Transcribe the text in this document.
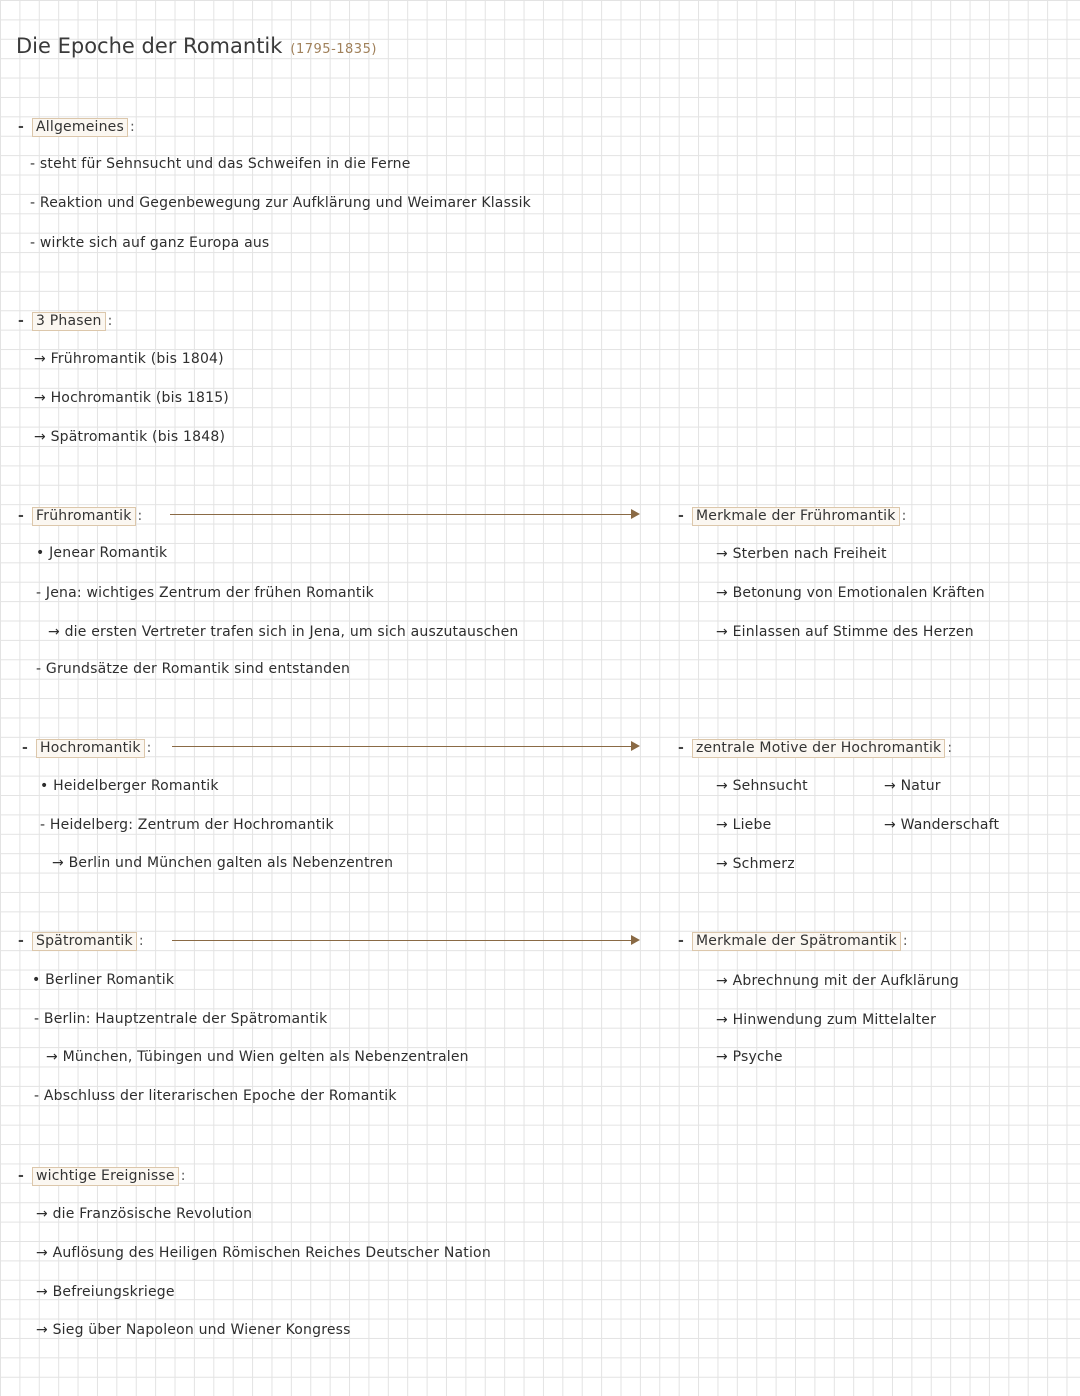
Die Epoche der Romantik (1795-1835)
- Allgemeines :
- steht für Sehnsucht und das Schweifen in die Ferne
- Reaktion und Gegenbewegung zur Aufklärung und Weimarer Klassik
- wirkte sich auf ganz Europa aus
- 3 Phasen :
→ Frühromantik (bis 1804)
→ Hochromantik (bis 1815)
→ Spätromantik (bis 1848)
- Frühromantik :
• Jenear Romantik
- Jena: wichtiges Zentrum der frühen Romantik
→ die ersten Vertreter trafen sich in Jena, um sich auszutauschen
- Grundsätze der Romantik sind entstanden
- Merkmale der Frühromantik :
→ Sterben nach Freiheit
→ Betonung von Emotionalen Kräften
→ Einlassen auf Stimme des Herzen
- Hochromantik :
• Heidelberger Romantik
- Heidelberg: Zentrum der Hochromantik
→ Berlin und München galten als Nebenzentren
- zentrale Motive der Hochromantik :
→ Sehnsucht	→ Natur
→ Liebe	→ Wanderschaft
→ Schmerz
- Spätromantik :
• Berliner Romantik
- Berlin: Hauptzentrale der Spätromantik
→ München, Tübingen und Wien gelten als Nebenzentralen
- Abschluss der literarischen Epoche der Romantik
- Merkmale der Spätromantik :
→ Abrechnung mit der Aufklärung
→ Hinwendung zum Mittelalter
→ Psyche
- wichtige Ereignisse :
→ die Französische Revolution
→ Auflösung des Heiligen Römischen Reiches Deutscher Nation
→ Befreiungskriege
→ Sieg über Napoleon und Wiener Kongress
